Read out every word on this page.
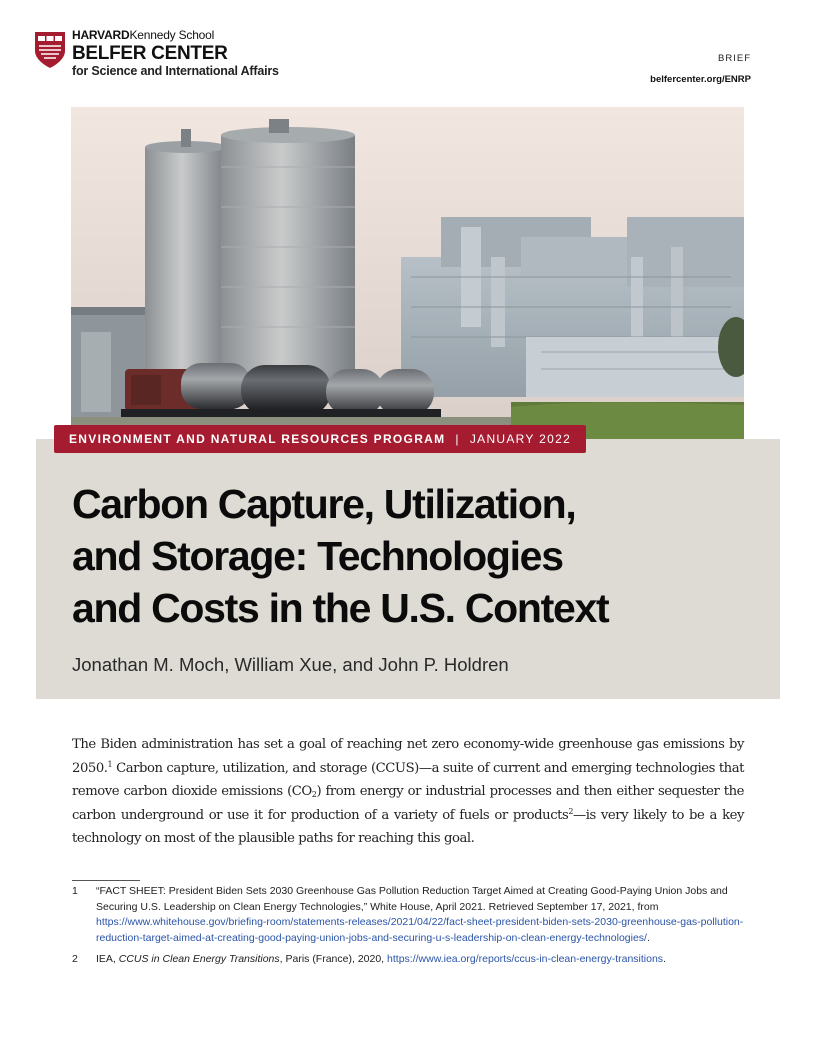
HARVARDKennedy School
BELFER CENTER
for Science and International Affairs
BRIEF
belfercenter.org/ENRP
ENVIRONMENT AND NATURAL RESOURCES PROGRAM | JANUARY 2022
Carbon Capture, Utilization,
and Storage: Technologies
and Costs in the U.S. Context
Jonathan M. Moch, William Xue, and John P. Holdren

The Biden administration has set a goal of reaching net zero economy-wide greenhouse gas emissions by 2050.$^1$ Carbon capture, utilization, and storage (CCUS)—a suite of current and emerging technologies that remove carbon dioxide emissions $(CO_2)$ from energy or industrial processes and then either sequester the carbon underground or use it for production of a variety of fuels or products$^2$—is very likely to be a key technology on most of the plausible paths for reaching this goal.

1 “FACT SHEET: President Biden Sets 2030 Greenhouse Gas Pollution Reduction Target Aimed at Creating Good-Paying Union Jobs and Securing U.S. Leadership on Clean Energy Technologies,” White House, April 2021. Retrieved September 17, 2021, from https://www.whitehouse.gov/briefing-room/statements-releases/2021/04/22/fact-sheet-president-biden-sets-2030-greenhouse-gas-pollution-reduction-target-aimed-at-creating-good-paying-union-jobs-and-securing-u-s-leadership-on-clean-energy-technologies/.
2 IEA, CCUS in Clean Energy Transitions, Paris (France), 2020, https://www.iea.org/reports/ccus-in-clean-energy-transitions.
